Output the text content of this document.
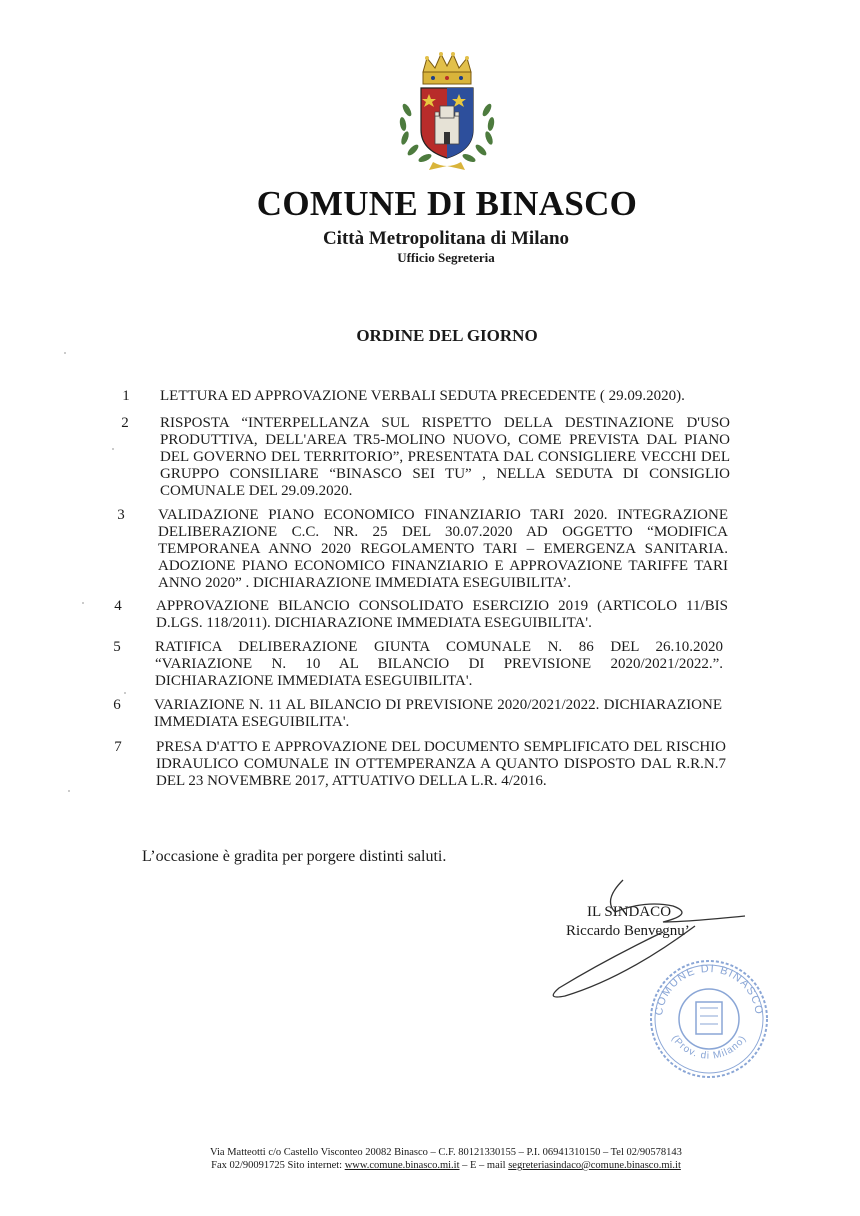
COMUNE DI BINASCO
Città Metropolitana di Milano
Ufficio Segreteria
ORDINE DEL GIORNO
1	LETTURA ED APPROVAZIONE VERBALI SEDUTA PRECEDENTE ( 29.09.2020).
2	RISPOSTA “INTERPELLANZA SUL RISPETTO DELLA DESTINAZIONE D'USO PRODUTTIVA, DELL'AREA TR5-MOLINO NUOVO, COME PREVISTA DAL PIANO DEL GOVERNO DEL TERRITORIO”, PRESENTATA DAL CONSIGLIERE VECCHI DEL GRUPPO CONSILIARE “BINASCO SEI TU” , NELLA SEDUTA DI CONSIGLIO COMUNALE DEL 29.09.2020.
3	VALIDAZIONE PIANO ECONOMICO FINANZIARIO TARI 2020. INTEGRAZIONE DELIBERAZIONE C.C. NR. 25 DEL 30.07.2020 AD OGGETTO “MODIFICA TEMPORANEA ANNO 2020 REGOLAMENTO TARI – EMERGENZA SANITARIA. ADOZIONE PIANO ECONOMICO FINANZIARIO E APPROVAZIONE TARIFFE TARI ANNO 2020” . DICHIARAZIONE IMMEDIATA ESEGUIBILITA’.
4	APPROVAZIONE BILANCIO CONSOLIDATO ESERCIZIO 2019 (ARTICOLO 11/BIS D.LGS. 118/2011). DICHIARAZIONE IMMEDIATA ESEGUIBILITA'.
5	RATIFICA DELIBERAZIONE GIUNTA COMUNALE N. 86 DEL 26.10.2020 “VARIAZIONE N. 10 AL BILANCIO DI PREVISIONE 2020/2021/2022.”. DICHIARAZIONE IMMEDIATA ESEGUIBILITA'.
6	VARIAZIONE N. 11 AL BILANCIO DI PREVISIONE 2020/2021/2022. DICHIARAZIONE IMMEDIATA ESEGUIBILITA'.
7	PRESA D'ATTO E APPROVAZIONE DEL DOCUMENTO SEMPLIFICATO DEL RISCHIO IDRAULICO COMUNALE IN OTTEMPERANZA A QUANTO DISPOSTO DAL R.R.N.7 DEL 23 NOVEMBRE 2017, ATTUATIVO DELLA L.R. 4/2016.
L’occasione è gradita per porgere distinti saluti.
IL SINDACO
Riccardo Benvegnu’
COMUNE DI BINASCO
(Prov. di Milano)
Via Matteotti c/o Castello Visconteo 20082 Binasco – C.F. 80121330155 – P.I. 06941310150 – Tel 02/90578143
Fax 02/90091725 Sito internet: www.comune.binasco.mi.it – E – mail segreteriasindaco@comune.binasco.mi.it
